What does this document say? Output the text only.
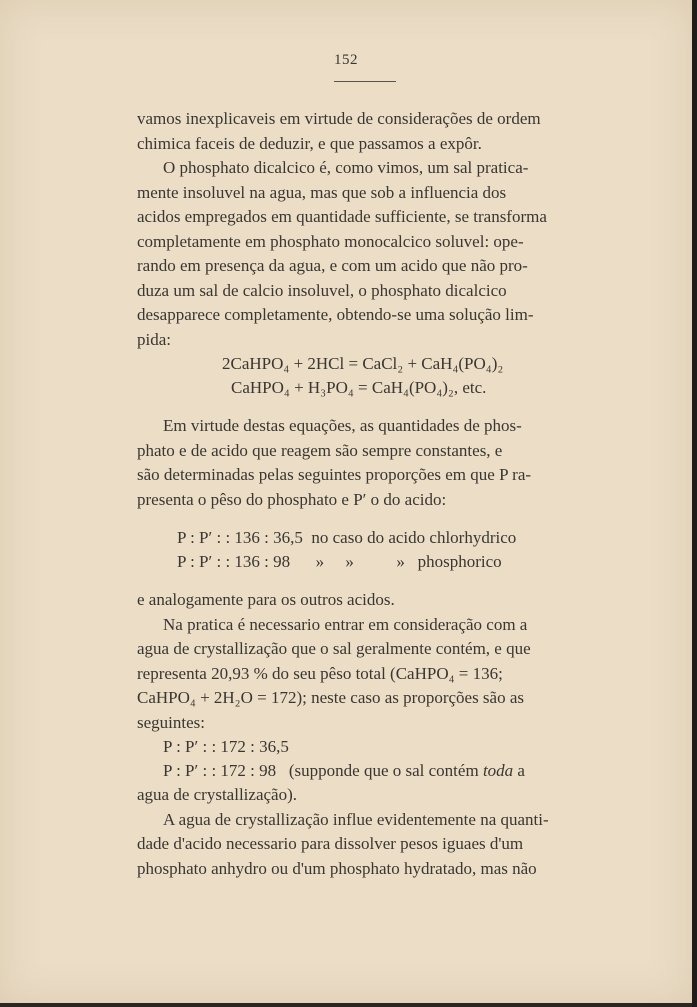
152
vamos inexplicaveis em virtude de considerações de ordem
chimica faceis de deduzir, e que passamos a expôr.
O phosphato dicalcico é, como vimos, um sal pratica-
mente insoluvel na agua, mas que sob a influencia dos
acidos empregados em quantidade sufficiente, se transforma
completamente em phosphato monocalcico soluvel: ope-
rando em presença da agua, e com um acido que não pro-
duza um sal de calcio insoluvel, o phosphato dicalcico
desapparece completamente, obtendo-se uma solução lim-
pida:
2CaHPO₄ + 2HCl = CaCl₂ + CaH₄(PO₄)₂
CaHPO₄ + H₃PO₄ = CaH₄(PO₄)₂, etc.
Em virtude destas equações, as quantidades de phos-
phato e de acido que reagem são sempre constantes, e
são determinadas pelas seguintes proporções em que P ra-
presenta o pêso do phosphato e P′ o do acido:
P : P′ : : 136 : 36,5  no caso do acido chlorhydrico
P : P′ : : 136 : 98      »     »          »   phosphorico
e analogamente para os outros acidos.
Na pratica é necessario entrar em consideração com a
agua de crystallização que o sal geralmente contém, e que
representa 20,93 % do seu pêso total (CaHPO₄ = 136;
CaHPO₄ + 2H₂O = 172); neste caso as proporções são as
seguintes:
P : P′ : : 172 : 36,5
P : P′ : : 172 : 98   (supponde que o sal contém toda a
agua de crystallização).
A agua de crystallização influe evidentemente na quanti-
dade d'acido necessario para dissolver pesos iguaes d'um
phosphato anhydro ou d'um phosphato hydratado, mas não
